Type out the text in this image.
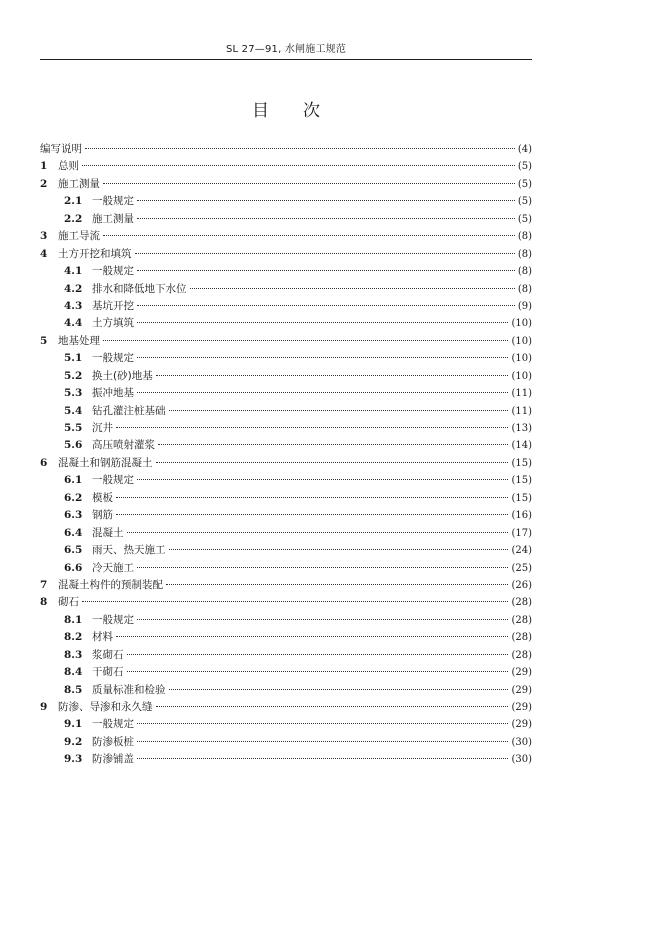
SL 27—91, 水闸施工规范
目 次
编写说明	(4)
1	总则	(5)
2	施工测量	(5)
2.1 一般规定	(5)
2.2 施工测量	(5)
3	施工导流	(8)
4	土方开挖和填筑	(8)
4.1 一般规定	(8)
4.2 排水和降低地下水位	(8)
4.3 基坑开挖	(9)
4.4 土方填筑	(10)
5	地基处理	(10)
5.1 一般规定	(10)
5.2 换土(砂)地基	(10)
5.3 振冲地基	(11)
5.4 钻孔灌注桩基础	(11)
5.5 沉井	(13)
5.6 高压喷射灌浆	(14)
6	混凝土和钢筋混凝土	(15)
6.1 一般规定	(15)
6.2 模板	(15)
6.3 钢筋	(16)
6.4 混凝土	(17)
6.5 雨天、热天施工	(24)
6.6 冷天施工	(25)
7	混凝土构件的预制装配	(26)
8	砌石	(28)
8.1 一般规定	(28)
8.2 材料	(28)
8.3 浆砌石	(28)
8.4 干砌石	(29)
8.5 质量标准和检验	(29)
9	防渗、导渗和永久缝	(29)
9.1 一般规定	(29)
9.2 防渗板桩	(30)
9.3 防渗铺盖	(30)
